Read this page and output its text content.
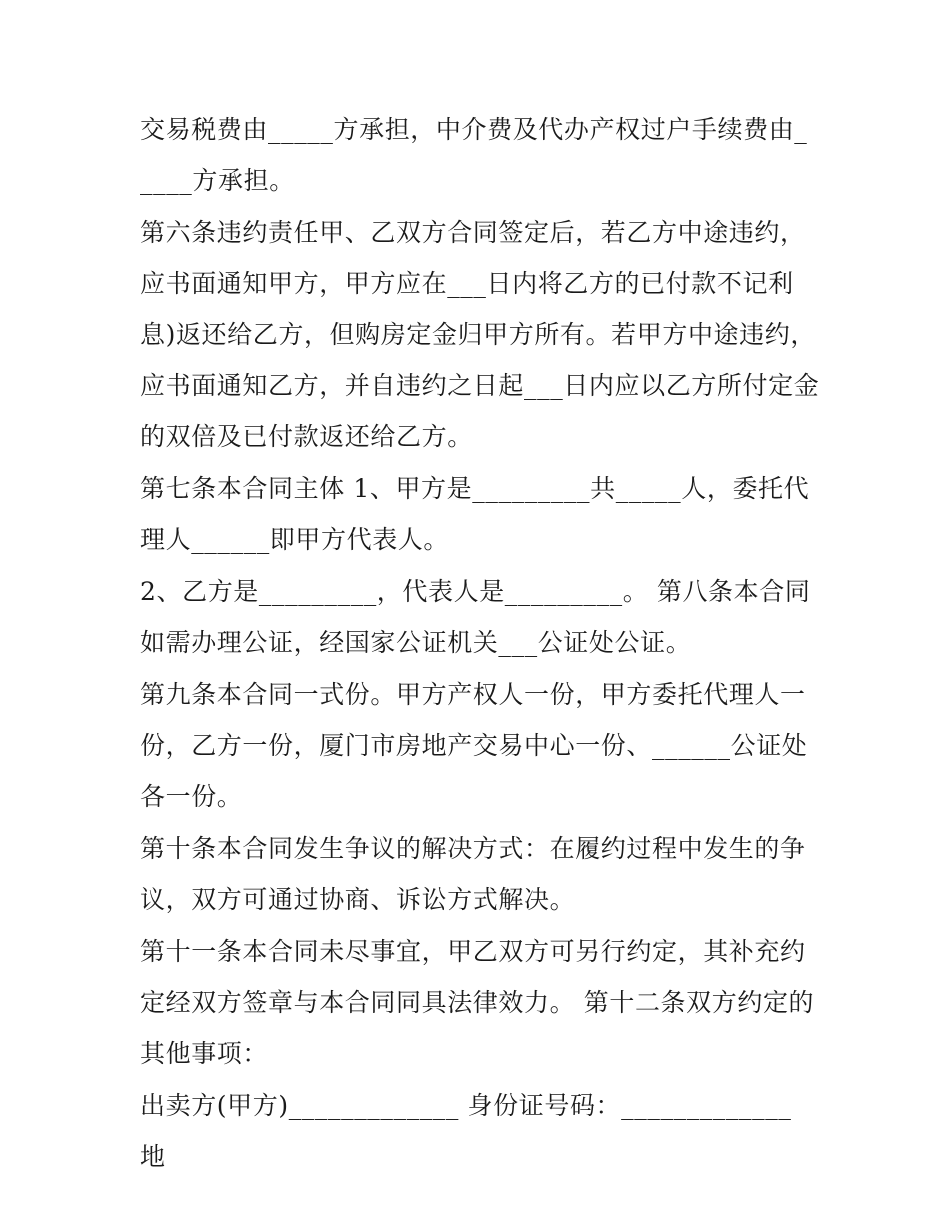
交易税费由_____方承担，中介费及代办产权过户手续费由_____方承担。

第六条违约责任甲、乙双方合同签定后，若乙方中途违约，应书面通知甲方，甲方应在___日内将乙方的已付款不记利息)返还给乙方，但购房定金归甲方所有。若甲方中途违约，应书面通知乙方，并自违约之日起___日内应以乙方所付定金的双倍及已付款返还给乙方。

第七条本合同主体 1、甲方是_________共_____人，委托代理人______即甲方代表人。

2、乙方是_________，代表人是_________。 第八条本合同如需办理公证，经国家公证机关___公证处公证。

第九条本合同一式份。甲方产权人一份，甲方委托代理人一份，乙方一份，厦门市房地产交易中心一份、______公证处各一份。

第十条本合同发生争议的解决方式：在履约过程中发生的争议，双方可通过协商、诉讼方式解决。

第十一条本合同未尽事宜，甲乙双方可另行约定，其补充约定经双方签章与本合同同具法律效力。 第十二条双方约定的其他事项：

出卖方(甲方)_____________ 身份证号码：_____________ 地
